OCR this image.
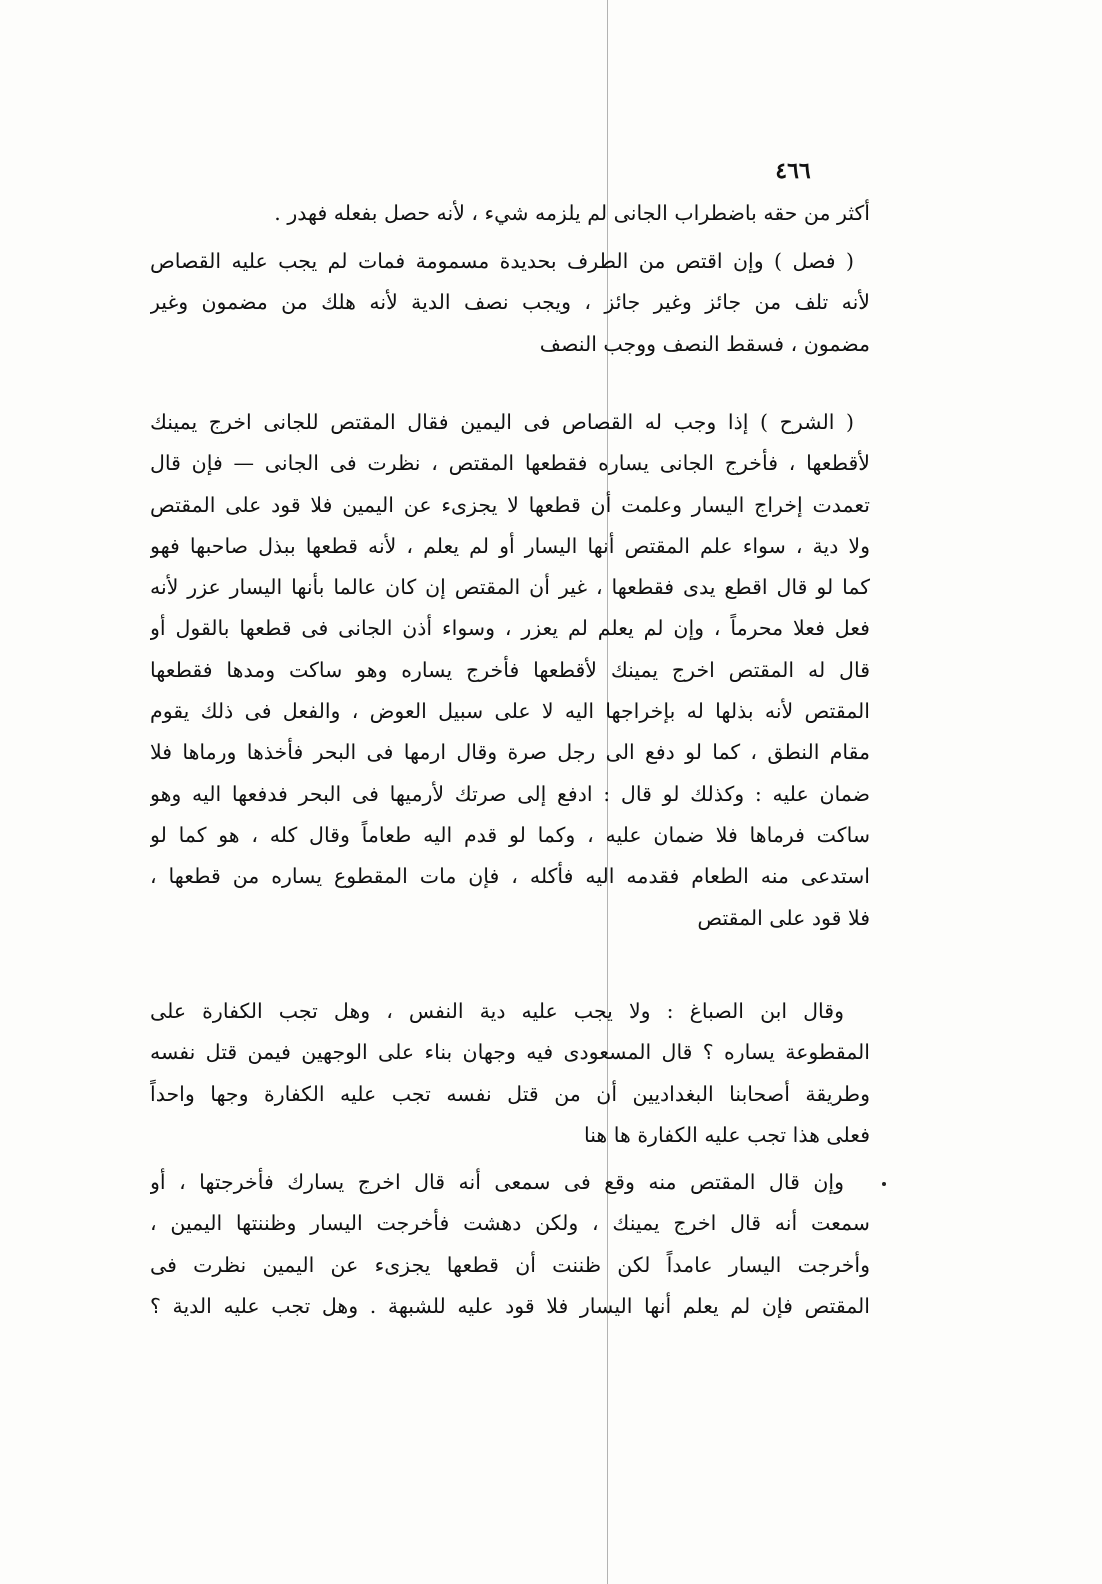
٤٦٦
أكثر من حقه باضطراب الجانى لم يلزمه شيء ، لأنه حصل بفعله فهدر .
( فصل ) وإن اقتص من الطرف بحديدة مسمومة فمات لم يجب عليه القصاص
لأنه تلف من جائز وغير جائز ، ويجب نصف الدية لأنه هلك من مضمون وغير
مضمون ، فسقط النصف ووجب النصف
( الشرح ) إذا وجب له القصاص فى اليمين فقال المقتص للجانى اخرج يمينك
لأقطعها ، فأخرج الجانى يساره فقطعها المقتص ، نظرت فى الجانى — فإن قال
تعمدت إخراج اليسار وعلمت أن قطعها لا يجزىء عن اليمين فلا قود على المقتص
ولا دية ، سواء علم المقتص أنها اليسار أو لم يعلم ، لأنه قطعها ببذل صاحبها فهو
كما لو قال اقطع يدى فقطعها ، غير أن المقتص إن كان عالما بأنها اليسار عزر لأنه
فعل فعلا محرماً ، وإن لم يعلم لم يعزر ، وسواء أذن الجانى فى قطعها بالقول أو
قال له المقتص اخرج يمينك لأقطعها فأخرج يساره وهو ساكت ومدها فقطعها
المقتص لأنه بذلها له بإخراجها اليه لا على سبيل العوض ، والفعل فى ذلك يقوم
مقام النطق ، كما لو دفع الى رجل صرة وقال ارمها فى البحر فأخذها ورماها فلا
ضمان عليه : وكذلك لو قال : ادفع إلى صرتك لأرميها فى البحر فدفعها اليه وهو
ساكت فرماها فلا ضمان عليه ، وكما لو قدم اليه طعاماً وقال كله ، هو كما لو
استدعى منه الطعام فقدمه اليه فأكله ، فإن مات المقطوع يساره من قطعها ،
فلا قود على المقتص
وقال ابن الصباغ : ولا يجب عليه دية النفس ، وهل تجب الكفارة على
المقطوعة يساره ؟ قال المسعودى فيه وجهان بناء على الوجهين فيمن قتل نفسه
وطريقة أصحابنا البغداديين أن من قتل نفسه تجب عليه الكفارة وجها واحداً
فعلى هذا تجب عليه الكفارة ها هنا
وإن قال المقتص منه وقع فى سمعى أنه قال اخرج يسارك فأخرجتها ، أو
سمعت أنه قال اخرج يمينك ، ولكن دهشت فأخرجت اليسار وظننتها اليمين ،
وأخرجت اليسار عامداً لكن ظننت أن قطعها يجزىء عن اليمين نظرت فى
المقتص فإن لم يعلم أنها اليسار فلا قود عليه للشبهة . وهل تجب عليه الدية ؟
